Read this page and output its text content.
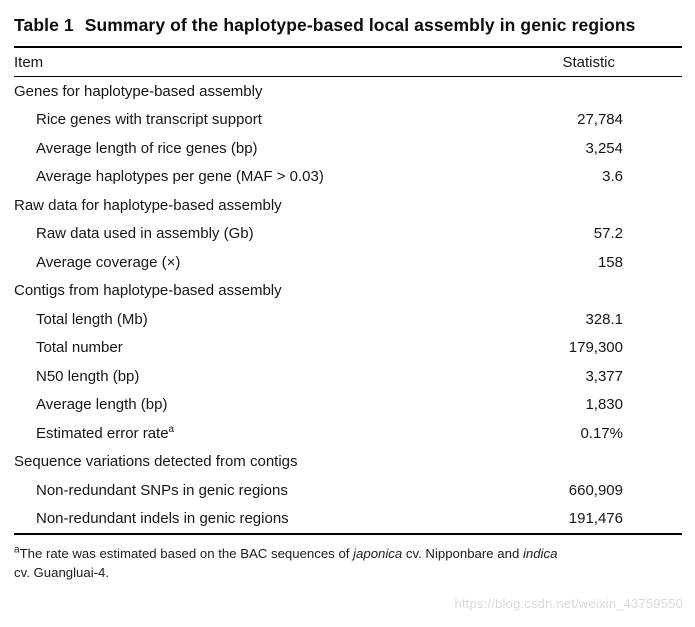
Table 1 Summary of the haplotype-based local assembly in genic regions
Item	Statistic
Genes for haplotype-based assembly
Rice genes with transcript support	27,784
Average length of rice genes (bp)	3,254
Average haplotypes per gene (MAF > 0.03)	3.6
Raw data for haplotype-based assembly
Raw data used in assembly (Gb)	57.2
Average coverage (×)	158
Contigs from haplotype-based assembly
Total length (Mb)	328.1
Total number	179,300
N50 length (bp)	3,377
Average length (bp)	1,830
Estimated error rate$^a$	0.17%
Sequence variations detected from contigs
Non-redundant SNPs in genic regions	660,909
Non-redundant indels in genic regions	191,476

$^a$The rate was estimated based on the BAC sequences of japonica cv. Nipponbare and indica
cv. Guangluai-4.

https://blog.csdn.net/weixin_43759550
